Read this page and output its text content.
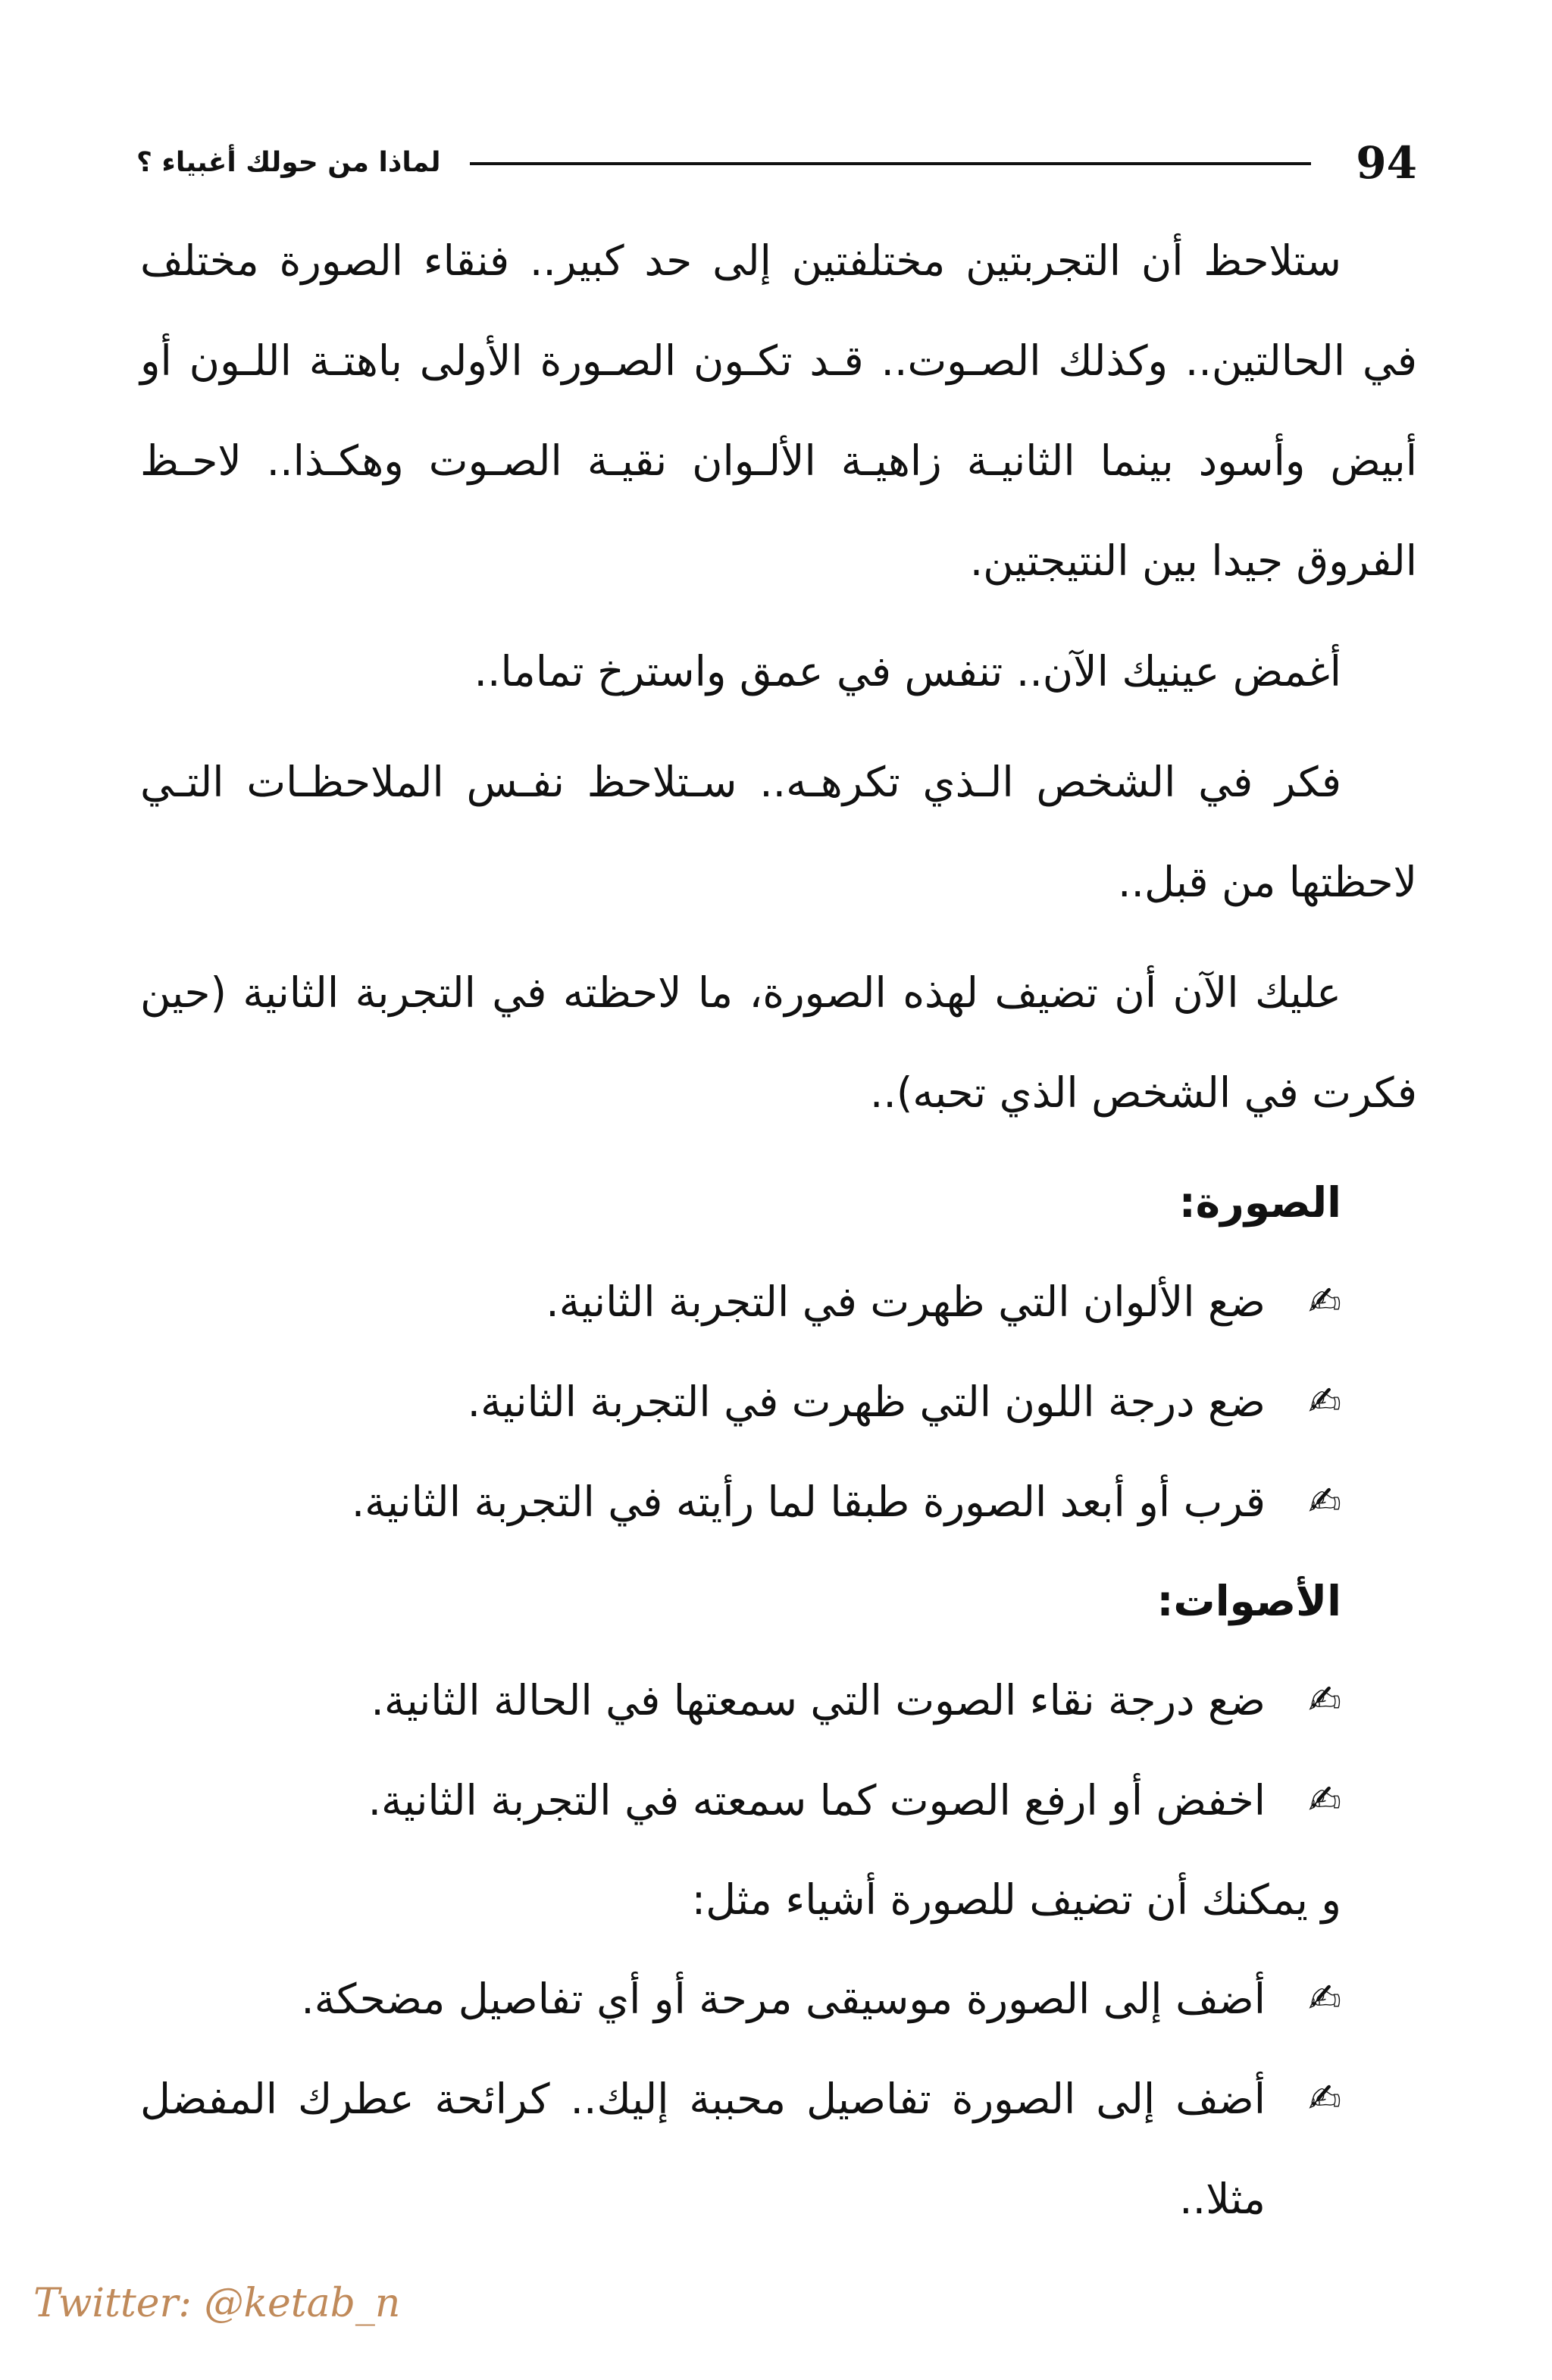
لماذا من حولك أغبياء ؟	94

ستلاحظ أن التجربتين مختلفتين إلى حد كبير.. فنقاء الصورة مختلف في الحالتين.. وكذلك الصـوت.. قـد تكـون الصـورة الأولى باهتـة اللـون أو أبيض وأسود بينما الثانيـة زاهيـة الألـوان نقيـة الصـوت وهكـذا.. لاحـظ الفروق جيدا بين النتيجتين.

أغمض عينيك الآن.. تنفس في عمق واسترخ تماما..

فكر في الشخص الـذي تكرهـه.. سـتلاحظ نفـس الملاحظـات التـي لاحظتها من قبل..

عليك الآن أن تضيف لهذه الصورة، ما لاحظته في التجربة الثانية (حين فكرت في الشخص الذي تحبه)..

الصورة:

✍
ضع الألوان التي ظهرت في التجربة الثانية.
✍
ضع درجة اللون التي ظهرت في التجربة الثانية.
✍
قرب أو أبعد الصورة طبقا لما رأيته في التجربة الثانية.

الأصوات:

✍
ضع درجة نقاء الصوت التي سمعتها في الحالة الثانية.
✍
اخفض أو ارفع الصوت كما سمعته في التجربة الثانية.

و يمكنك أن تضيف للصورة أشياء مثل:

✍
أضف إلى الصورة موسيقى مرحة أو أي تفاصيل مضحكة.
✍
أضف إلى الصورة تفاصيل محببة إليك.. كرائحة عطرك المفضل مثلا..
Twitter: @ketab_n
